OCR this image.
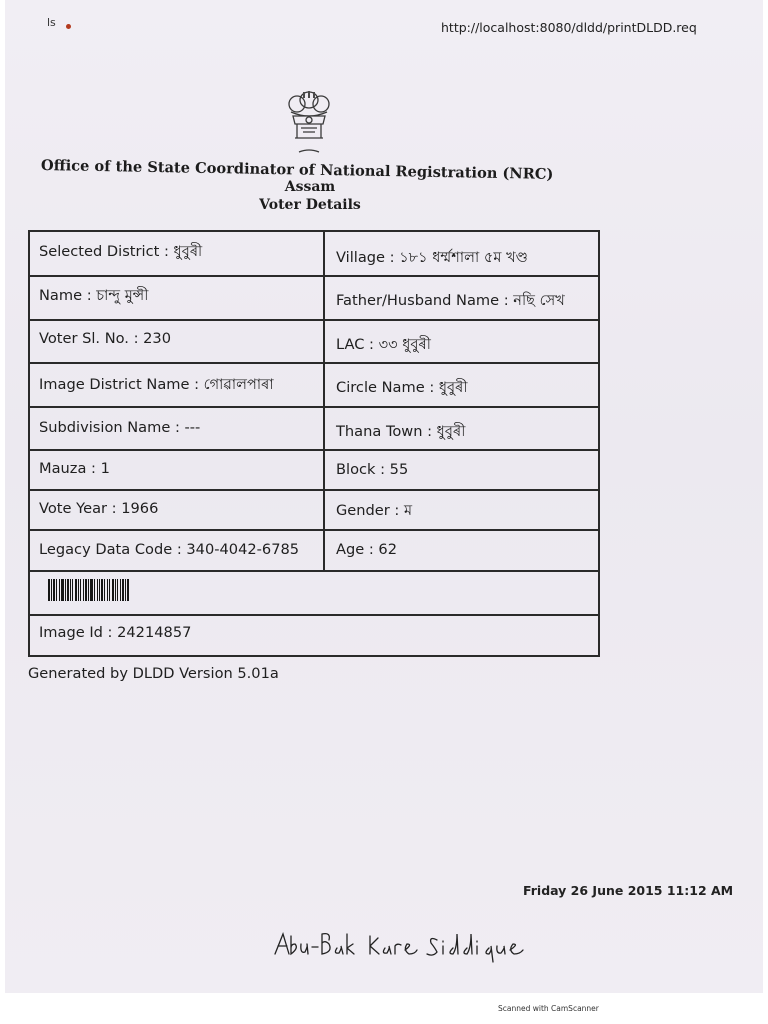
ls	http://localhost:8080/dldd/printDLDD.req
Office of the State Coordinator of National Registration (NRC)
Assam
Voter Details
Selected District : ধুবুৰী	Village : ১৮১ ধৰ্ম্মশালা ৫ম খণ্ড
Name : চান্দু মুন্সী	Father/Husband Name : নছি সেখ
Voter Sl. No. : 230	LAC : ৩৩ ধুবুৰী
Image District Name : গোৱালপাৰা	Circle Name : ধুবুৰী
Subdivision Name : ---	Thana Town : ধুবুৰী
Mauza : 1	Block : 55
Vote Year : 1966	Gender : ম
Legacy Data Code : 340-4042-6785	Age : 62
Image Id : 24214857
Generated by DLDD Version 5.01a
Friday 26 June 2015 11:12 AM
Scanned with CamScanner
